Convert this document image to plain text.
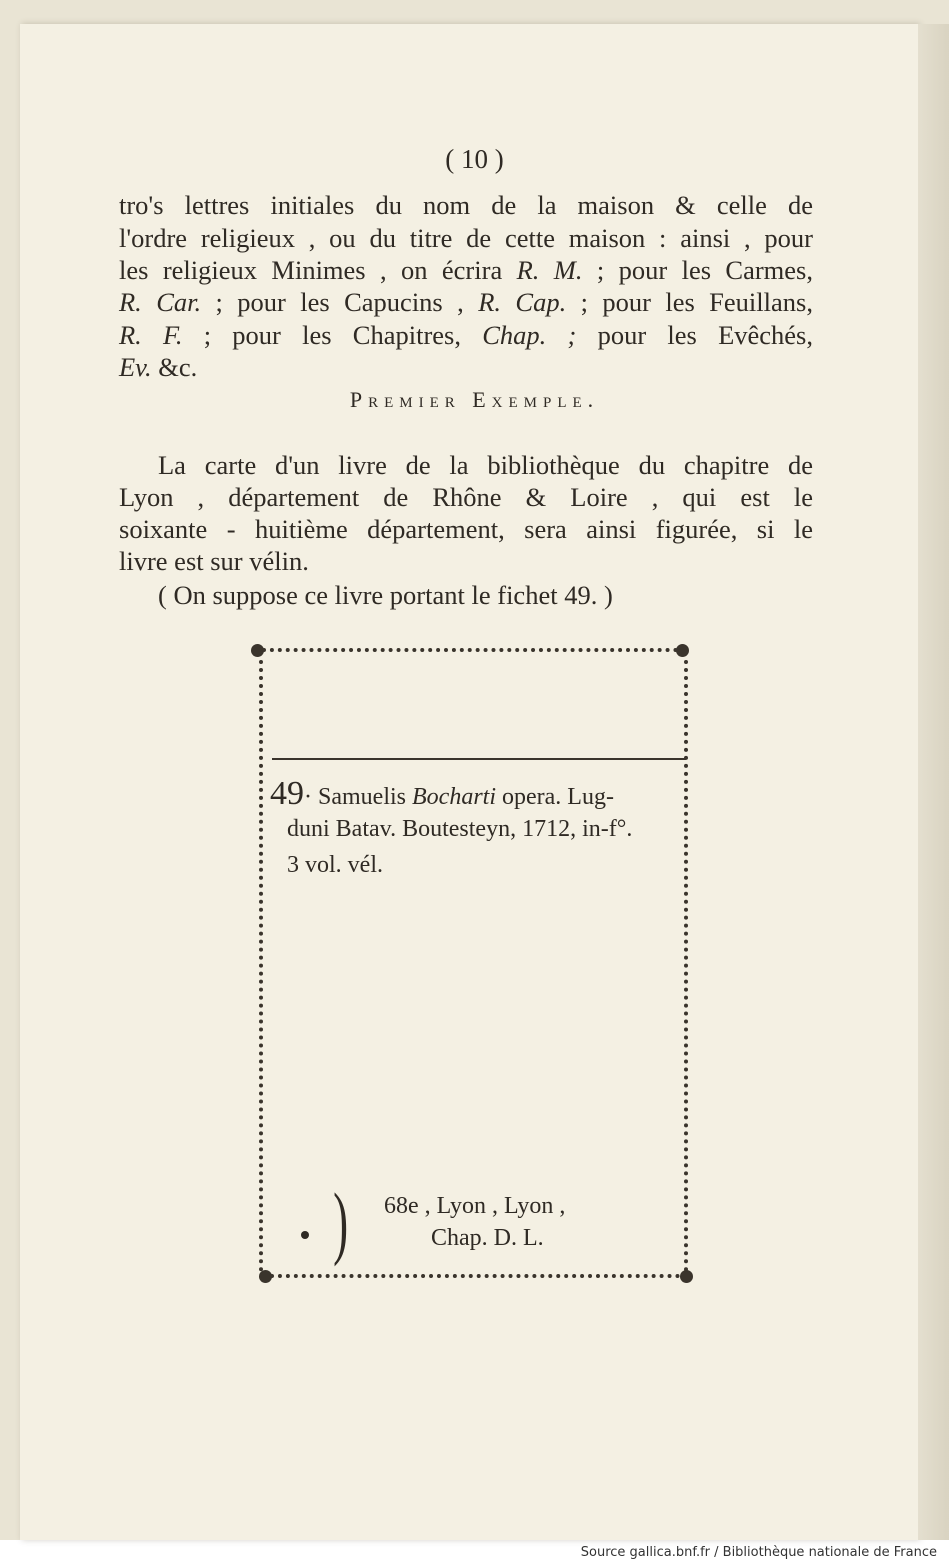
( 10 )
tro's lettres initiales du nom de la maison & celle de
l'ordre religieux , ou du titre de cette maison : ainsi , pour
les religieux Minimes , on écrira R. M. ; pour les Carmes,
R. Car. ; pour les Capucins , R. Cap. ; pour les Feuillans,
R. F. ; pour les Chapitres, Chap. ; pour les Evêchés,
Ev. &c.
Premier Exemple.
La carte d'un livre de la bibliothèque du chapitre de
Lyon , département de Rhône & Loire , qui est le
soixante - huitième département, sera ainsi figurée, si le
livre est sur vélin.
( On suppose ce livre portant le fichet 49. )
49· Samuelis Bocharti opera. Lug-
duni Batav. Boutesteyn, 1712, in-f°.
3 vol. vél.
) 68e , Lyon , Lyon ,
Chap. D. L.
Source gallica.bnf.fr / Bibliothèque nationale de France
